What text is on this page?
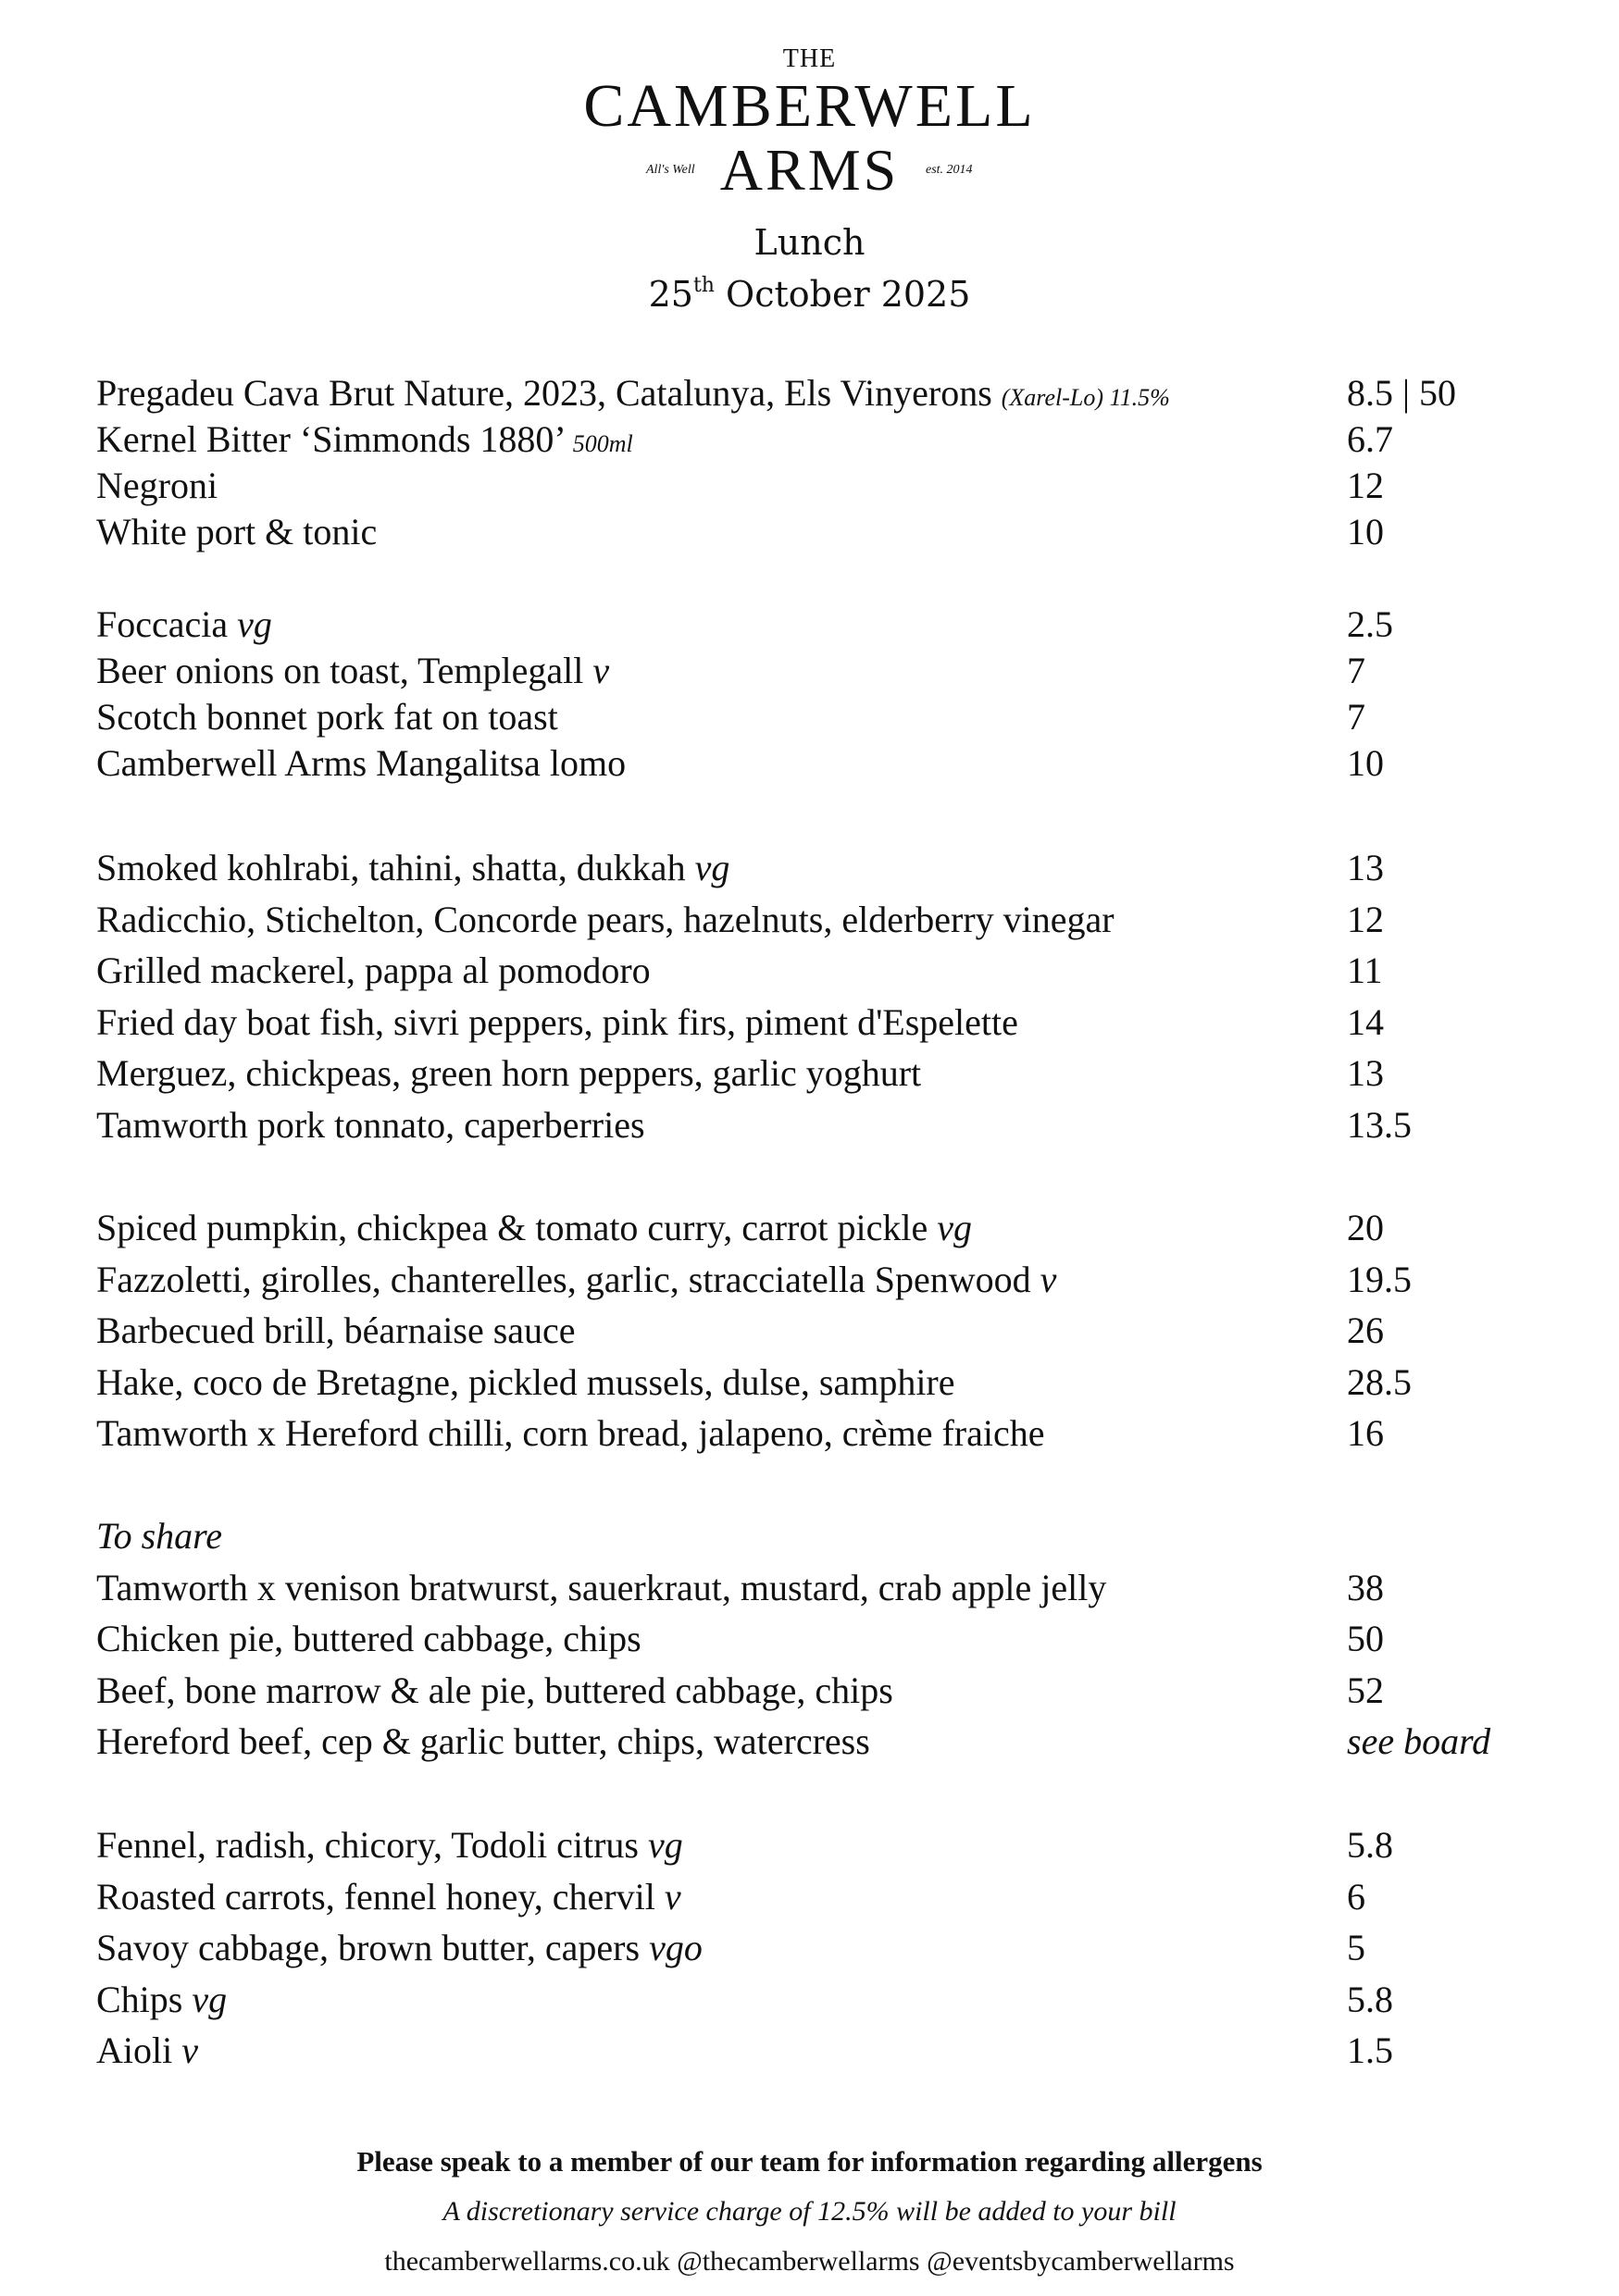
THE
CAMBERWELL
All's Well ARMS	est. 2014
Lunch
25th October 2025
Pregadeu Cava Brut Nature, 2023, Catalunya, Els Vinyerons (Xarel-Lo) 11.5%	8.5 | 50
Kernel Bitter ‘Simmonds 1880’ 500ml	6.7
Negroni	12
White port & tonic	10
Foccacia vg	2.5
Beer onions on toast, Templegall v	7
Scotch bonnet pork fat on toast	7
Camberwell Arms Mangalitsa lomo	10
Smoked kohlrabi, tahini, shatta, dukkah vg	13
Radicchio, Stichelton, Concorde pears, hazelnuts, elderberry vinegar	12
Grilled mackerel, pappa al pomodoro	11
Fried day boat fish, sivri peppers, pink firs, piment d'Espelette	14
Merguez, chickpeas, green horn peppers, garlic yoghurt	13
Tamworth pork tonnato, caperberries	13.5
Spiced pumpkin, chickpea & tomato curry, carrot pickle vg	20
Fazzoletti, girolles, chanterelles, garlic, stracciatella Spenwood v	19.5
Barbecued brill, béarnaise sauce	26
Hake, coco de Bretagne, pickled mussels, dulse, samphire	28.5
Tamworth x Hereford chilli, corn bread, jalapeno, crème fraiche	16
To share
Tamworth x venison bratwurst, sauerkraut, mustard, crab apple jelly	38
Chicken pie, buttered cabbage, chips	50
Beef, bone marrow & ale pie, buttered cabbage, chips	52
Hereford beef, cep & garlic butter, chips, watercress	see board
Fennel, radish, chicory, Todoli citrus vg	5.8
Roasted carrots, fennel honey, chervil v	6
Savoy cabbage, brown butter, capers vgo	5
Chips vg	5.8
Aioli v	1.5
Please speak to a member of our team for information regarding allergens
A discretionary service charge of 12.5% will be added to your bill
thecamberwellarms.co.uk @thecamberwellarms @eventsbycamberwellarms
